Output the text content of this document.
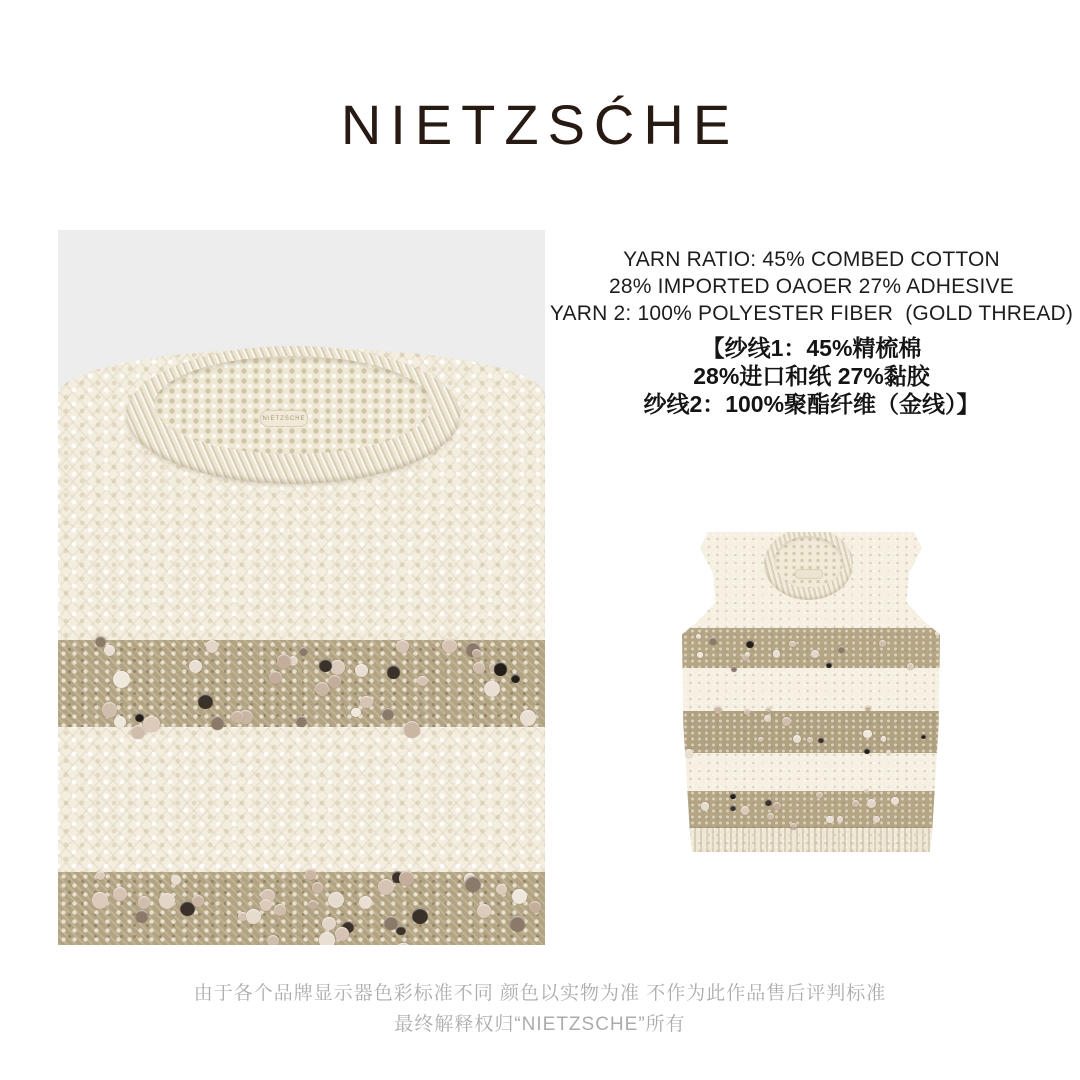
NIETZSĆHE
NIETZSCHE

YARN RATIO: 45% COMBED COTTON

28% IMPORTED OAOER 27% ADHESIVE

YARN 2: 100% POLYESTER FIBER  (GOLD THREAD)

【纱线1：45%精梳棉

28%进口和纸 27%黏胶

纱线2：100%聚酯纤维（金线）】

由于各个品牌显示器色彩标准不同 颜色以实物为准 不作为此作品售后评判标准

最终解释权归“NIETZSCHE”所有
